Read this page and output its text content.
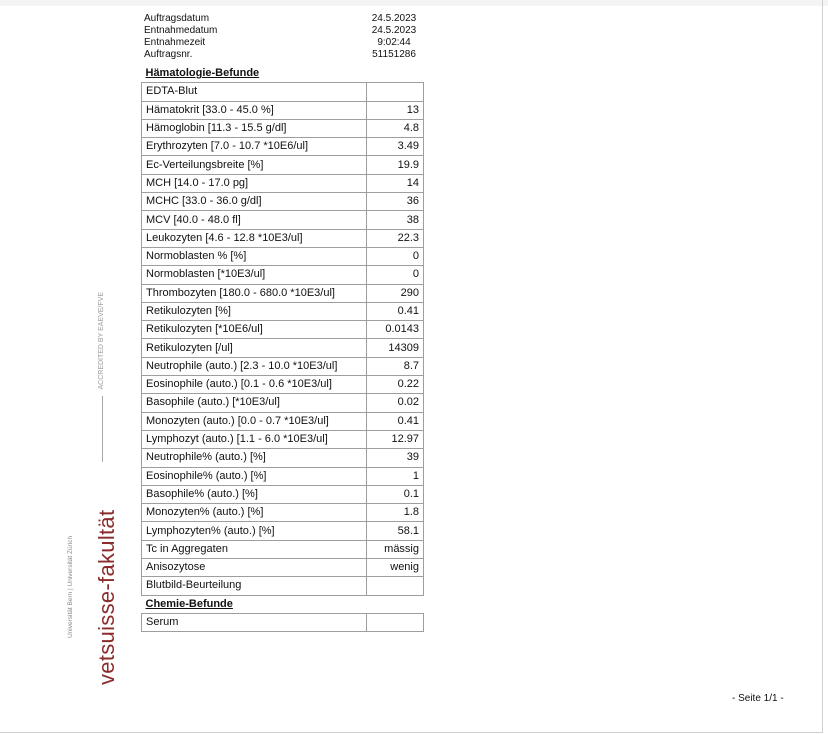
Auftragsdatum	24.5.2023
Entnahmedatum	24.5.2023
Entnahmezeit	9:02:44
Auftragsnr.	51151286
Hämatologie-Befunde	
EDTA-Blut	
Hämatokrit [33.0 - 45.0 %]	13
Hämoglobin [11.3 - 15.5 g/dl]	4.8
Erythrozyten [7.0 - 10.7 *10E6/ul]	3.49
Ec-Verteilungsbreite [%]	19.9
MCH [14.0 - 17.0 pg]	14
MCHC [33.0 - 36.0 g/dl]	36
MCV [40.0 - 48.0 fl]	38
Leukozyten [4.6 - 12.8 *10E3/ul]	22.3
Normoblasten % [%]	0
Normoblasten [*10E3/ul]	0
Thrombozyten [180.0 - 680.0 *10E3/ul]	290
Retikulozyten [%]	0.41
Retikulozyten [*10E6/ul]	0.0143
Retikulozyten [/ul]	14309
Neutrophile (auto.) [2.3 - 10.0 *10E3/ul]	8.7
Eosinophile (auto.) [0.1 - 0.6 *10E3/ul]	0.22
Basophile (auto.) [*10E3/ul]	0.02
Monozyten (auto.) [0.0 - 0.7 *10E3/ul]	0.41
Lymphozyt (auto.) [1.1 - 6.0 *10E3/ul]	12.97
Neutrophile% (auto.) [%]	39
Eosinophile% (auto.) [%]	1
Basophile% (auto.) [%]	0.1
Monozyten% (auto.) [%]	1.8
Lymphozyten% (auto.) [%]	58.1
Tc in Aggregaten	mässig
Anisozytose	wenig
Blutbild-Beurteilung	
Chemie-Befunde	
Serum	
ACCREDITED BY EAEVE/FVE
vetsuisse-fakultät
Universität Bern | Universität Zürich
- Seite 1/1 -
